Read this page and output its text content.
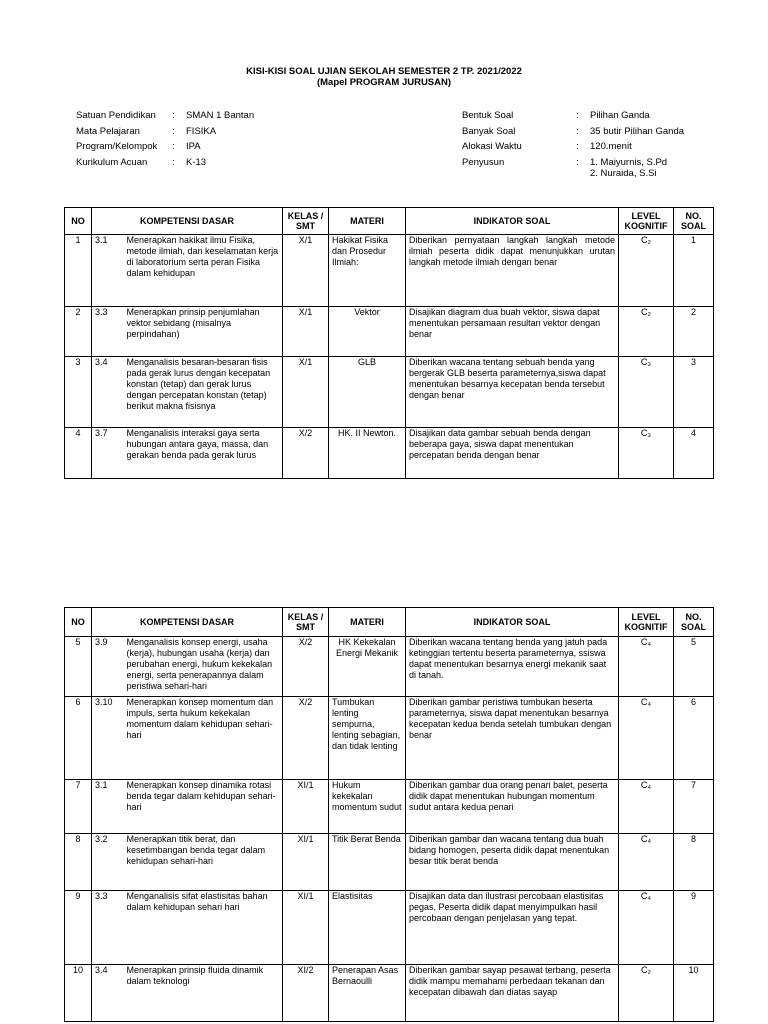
KISI-KISI SOAL UJIAN SEKOLAH SEMESTER 2 TP. 2021/2022
(Mapel PROGRAM JURUSAN)
Satuan Pendidikan	:	SMAN 1 Bantan
Mata Pelajaran	:	FISIKA
Program/Kelompok	:	IPA
Kurikulum Acuan	:	K-13
Bentuk Soal	:	Pilihan Ganda
Banyak Soal	:	35 butir Pilihan Ganda
Alokasi Waktu	:	120.menit
Penyusun	:	1. Maiyurnis, S.Pd
2. Nuraida, S.Si
NO	KOMPETENSI DASAR		KELAS / SMT	MATERI	INDIKATOR SOAL	LEVEL KOGNITIF	NO. SOAL
1	3.1	Menerapkan hakikat ilmu Fisika, metode ilmiah, dan keselamatan kerja di laboratorium serta peran Fisika dalam kehidupan	X/1	Hakikat Fisika dan Prosedur Ilmiah:	Diberikan pernyataan langkah langkah metode ilmiah peserta didik dapat menunjukkan urutan langkah metode ilmiah dengan benar	C₂	1
2	3.3	Menerapkan prinsip penjumlahan vektor sebidang (misalnya perpindahan)	X/1	Vektor	Disajikan diagram dua buah vektor, siswa dapat menentukan persamaan resultan vektor dengan benar	C₂	2
3	3.4	Menganalisis besaran-besaran fisis pada gerak lurus dengan kecepatan konstan (tetap) dan gerak lurus dengan percepatan konstan (tetap) berikut makna fisisnya	X/1	GLB	Diberikan wacana tentang sebuah benda yang bergerak GLB beserta parameternya,siswa dapat menentukan besarnya kecepatan benda tersebut dengan benar	C₃	3
4	3.7	Menganalisis interaksi gaya serta hubungan antara gaya, massa, dan gerakan benda pada gerak lurus	X/2	HK. II Newton.	Disajikan data gambar sebuah benda dengan beberapa gaya, siswa dapat menentukan percepatan benda dengan benar	C₃	4
NO	KOMPETENSI DASAR		KELAS / SMT	MATERI	INDIKATOR SOAL	LEVEL KOGNITIF	NO. SOAL
5	3.9	Menganalisis konsep energi, usaha (kerja), hubungan usaha (kerja) dan perubahan energi, hukum kekekalan energi, serta penerapannya dalam peristiwa sehari-hari	X/2	HK Kekekalan Energi Mekanik	Diberikan wacana tentang benda yang jatuh pada ketinggian tertentu beserta parameternya, ssiswa dapat menentukan besarnya energi mekanik saat di tanah.	C₄	5
6	3.10	Menerapkan konsep momentum dan impuls, serta hukum kekekalan momentum dalam kehidupan sehari-hari	X/2	Tumbukan lenting sempurna, lenting sebagian, dan tidak lenting	Diberikan gambar peristiwa tumbukan beserta parameternya, siswa dapat menentukan besarnya kecepatan kedua benda setelah tumbukan dengan benar	C₄	6
7	3.1	Menerapkan konsep dinamika rotasi benda tegar dalam kehidupan sehari-hari	XI/1	Hukum kekekalan momentum sudut	Diberikan gambar dua orang penari balet, peserta didik dapat menentukan hubungan momentum sudut antara kedua penari	C₄	7
8	3.2	Menerapkan titik berat, dan kesetimbangan benda tegar dalam kehidupan sehari-hari	XI/1	Titik Berat Benda	Diberikan gambar dan wacana tentang dua buah bidang homogen, peserta didik dapat menentukan besar titik berat benda	C₄	8
9	3.3	Menganalisis sifat elastisitas bahan dalam kehidupan sehari hari	XI/1	Elastisitas	Disajikan data dan ilustrasi percobaan elastisitas pegas, Peserta didik dapat menyimpulkan hasil percobaan dengan penjelasan yang tepat.	C₄	9
10	3.4	Menerapkan prinsip fluida dinamik dalam teknologi	XI/2	Penerapan Asas Bernaoulli	Diberikan gambar sayap pesawat terbang, peserta didik mampu memahami perbedaan tekanan dan kecepatan dibawah dan diatas sayap	C₂	10
